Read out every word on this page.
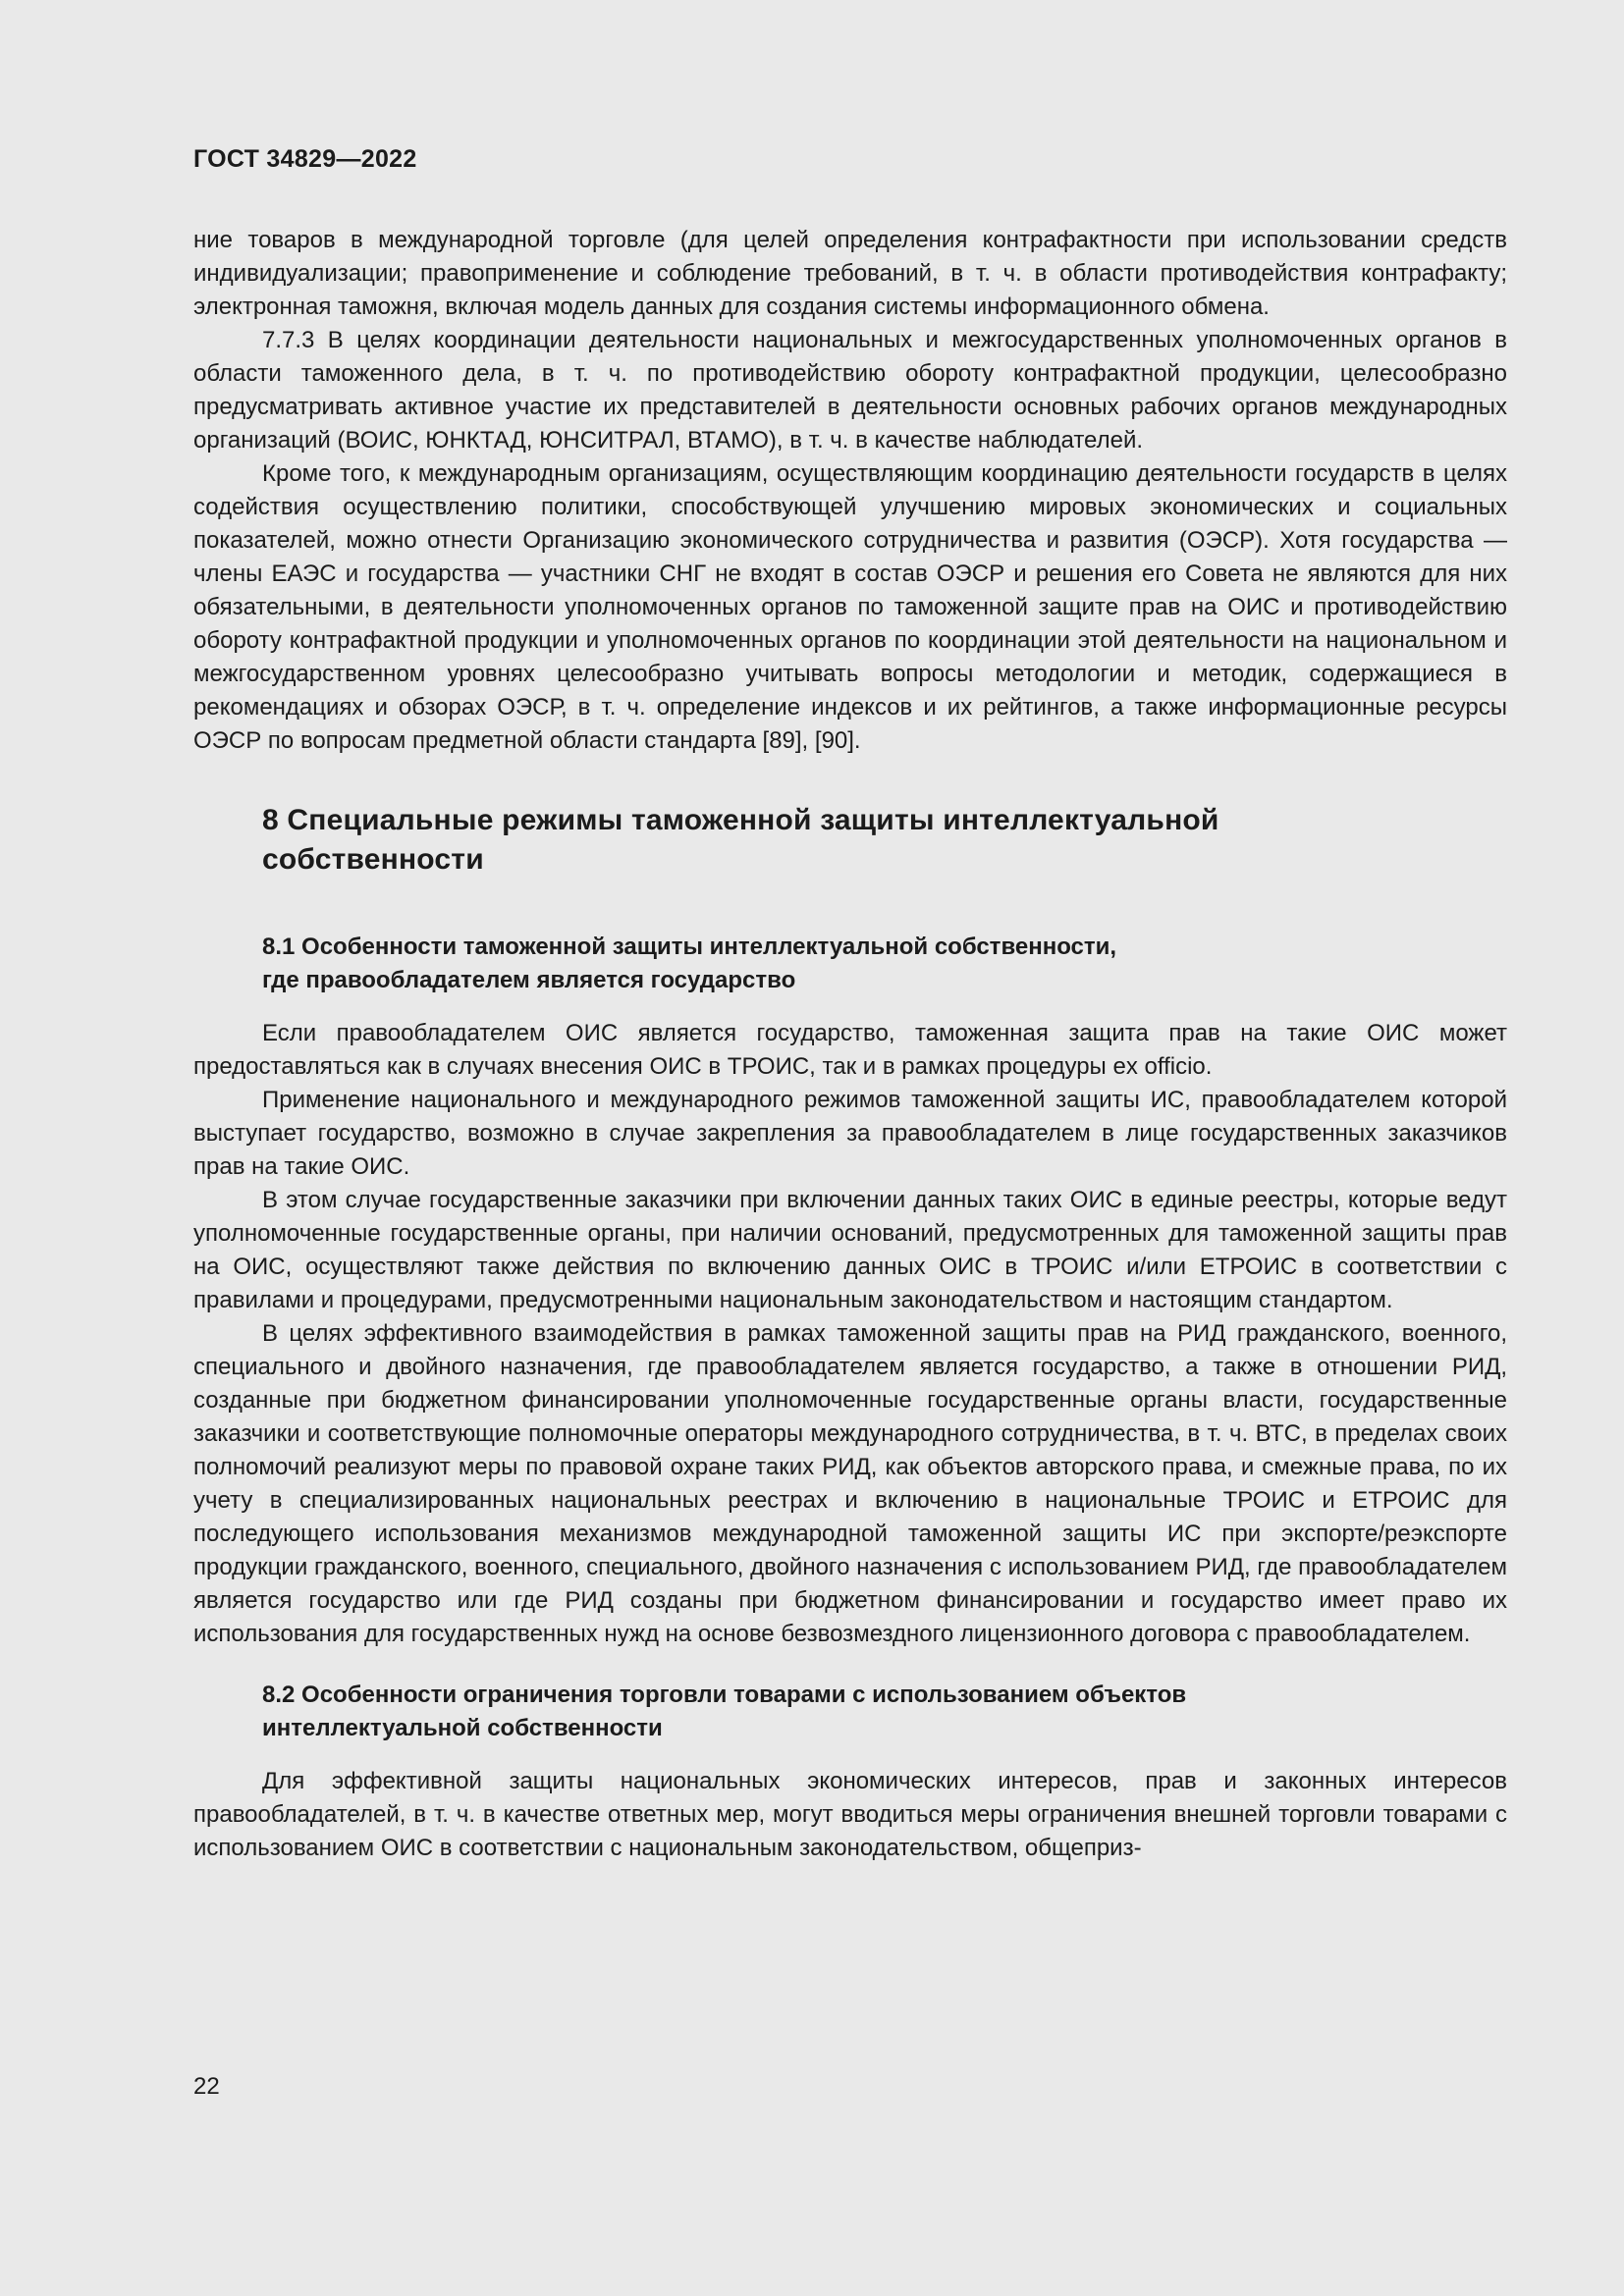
ГОСТ 34829—2022

ние товаров в международной торговле (для целей определения контрафактности при использовании средств индивидуализации; правоприменение и соблюдение требований, в т. ч. в области противодействия контрафакту; электронная таможня, включая модель данных для создания системы информационного обмена.

7.7.3 В целях координации деятельности национальных и межгосударственных уполномоченных органов в области таможенного дела, в т. ч. по противодействию обороту контрафактной продукции, целесообразно предусматривать активное участие их представителей в деятельности основных рабочих органов международных организаций (ВОИС, ЮНКТАД, ЮНСИТРАЛ, ВТАМО), в т. ч. в качестве наблюдателей.

Кроме того, к международным организациям, осуществляющим координацию деятельности государств в целях содействия осуществлению политики, способствующей улучшению мировых экономических и социальных показателей, можно отнести Организацию экономического сотрудничества и развития (ОЭСР). Хотя государства — члены ЕАЭС и государства — участники СНГ не входят в состав ОЭСР и решения его Совета не являются для них обязательными, в деятельности уполномоченных органов по таможенной защите прав на ОИС и противодействию обороту контрафактной продукции и уполномоченных органов по координации этой деятельности на национальном и межгосударственном уровнях целесообразно учитывать вопросы методологии и методик, содержащиеся в рекомендациях и обзорах ОЭСР, в т. ч. определение индексов и их рейтингов, а также информационные ресурсы ОЭСР по вопросам предметной области стандарта [89], [90].

8 Специальные режимы таможенной защиты интеллектуальной
собственности
8.1 Особенности таможенной защиты интеллектуальной собственности,
где правообладателем является государство

Если правообладателем ОИС является государство, таможенная защита прав на такие ОИС может предоставляться как в случаях внесения ОИС в ТРОИС, так и в рамках процедуры ex officio.

Применение национального и международного режимов таможенной защиты ИС, правообладателем которой выступает государство, возможно в случае закрепления за правообладателем в лице государственных заказчиков прав на такие ОИС.

В этом случае государственные заказчики при включении данных таких ОИС в единые реестры, которые ведут уполномоченные государственные органы, при наличии оснований, предусмотренных для таможенной защиты прав на ОИС, осуществляют также действия по включению данных ОИС в ТРОИС и/или ЕТРОИС в соответствии с правилами и процедурами, предусмотренными национальным законодательством и настоящим стандартом.

В целях эффективного взаимодействия в рамках таможенной защиты прав на РИД гражданского, военного, специального и двойного назначения, где правообладателем является государство, а также в отношении РИД, созданные при бюджетном финансировании уполномоченные государственные органы власти, государственные заказчики и соответствующие полномочные операторы международного сотрудничества, в т. ч. ВТС, в пределах своих полномочий реализуют меры по правовой охране таких РИД, как объектов авторского права, и смежные права, по их учету в специализированных национальных реестрах и включению в национальные ТРОИС и ЕТРОИС для последующего использования механизмов международной таможенной защиты ИС при экспорте/реэкспорте продукции гражданского, военного, специального, двойного назначения с использованием РИД, где правообладателем является государство или где РИД созданы при бюджетном финансировании и государство имеет право их использования для государственных нужд на основе безвозмездного лицензионного договора с правообладателем.

8.2 Особенности ограничения торговли товарами с использованием объектов
интеллектуальной собственности

Для эффективной защиты национальных экономических интересов, прав и законных интересов правообладателей, в т. ч. в качестве ответных мер, могут вводиться меры ограничения внешней торговли товарами с использованием ОИС в соответствии с национальным законодательством, общеприз-

22
